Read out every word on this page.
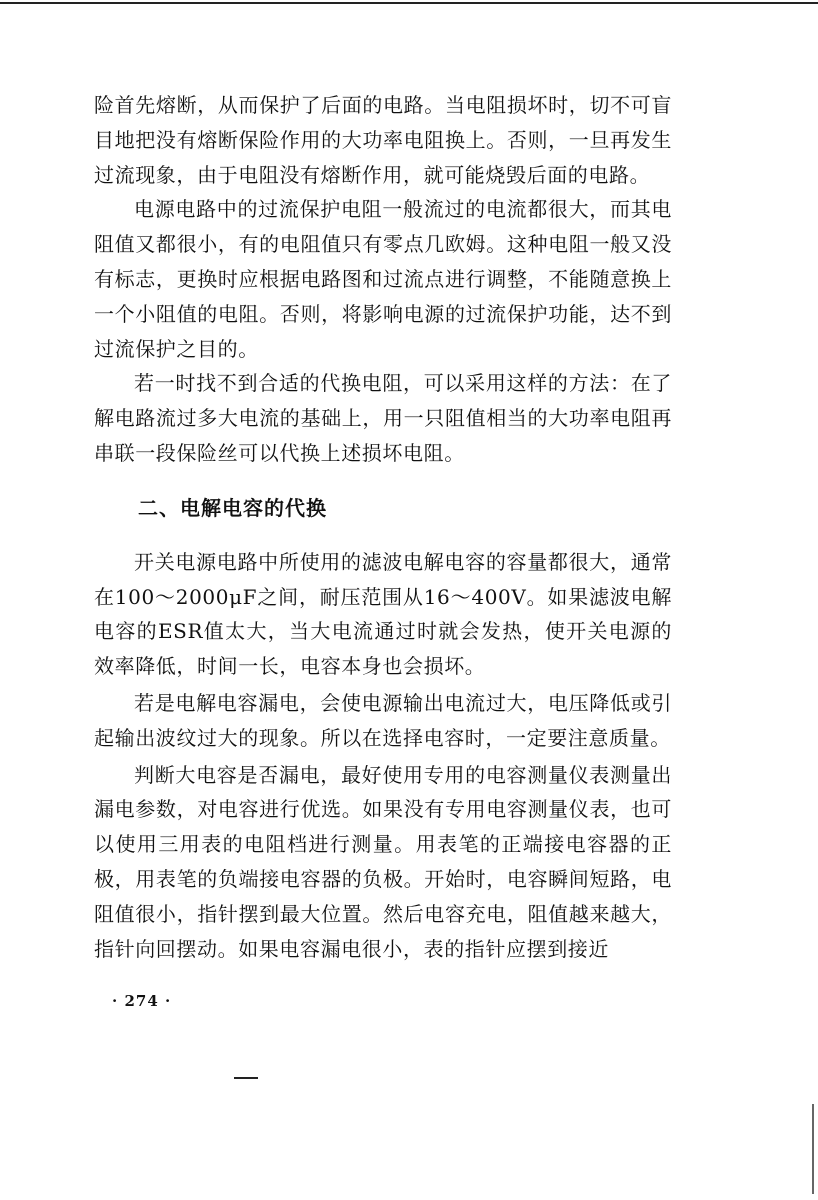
险首先熔断，从而保护了后面的电路。当电阻损坏时，切不可盲目地把没有熔断保险作用的大功率电阻换上。否则，一旦再发生过流现象，由于电阻没有熔断作用，就可能烧毁后面的电路。

电源电路中的过流保护电阻一般流过的电流都很大，而其电阻值又都很小，有的电阻值只有零点几欧姆。这种电阻一般又没有标志，更换时应根据电路图和过流点进行调整，不能随意换上一个小阻值的电阻。否则，将影响电源的过流保护功能，达不到过流保护之目的。

若一时找不到合适的代换电阻，可以采用这样的方法：在了解电路流过多大电流的基础上，用一只阻值相当的大功率电阻再串联一段保险丝可以代换上述损坏电阻。

二、电解电容的代换

开关电源电路中所使用的滤波电解电容的容量都很大，通常在100～2000μF之间，耐压范围从16～400V。如果滤波电解电容的ESR值太大，当大电流通过时就会发热，使开关电源的效率降低，时间一长，电容本身也会损坏。

若是电解电容漏电，会使电源输出电流过大，电压降低或引起输出波纹过大的现象。所以在选择电容时，一定要注意质量。

判断大电容是否漏电，最好使用专用的电容测量仪表测量出漏电参数，对电容进行优选。如果没有专用电容测量仪表，也可以使用三用表的电阻档进行测量。用表笔的正端接电容器的正极，用表笔的负端接电容器的负极。开始时，电容瞬间短路，电阻值很小，指针摆到最大位置。然后电容充电，阻值越来越大，指针向回摆动。如果电容漏电很小，表的指针应摆到接近

· 274 ·
